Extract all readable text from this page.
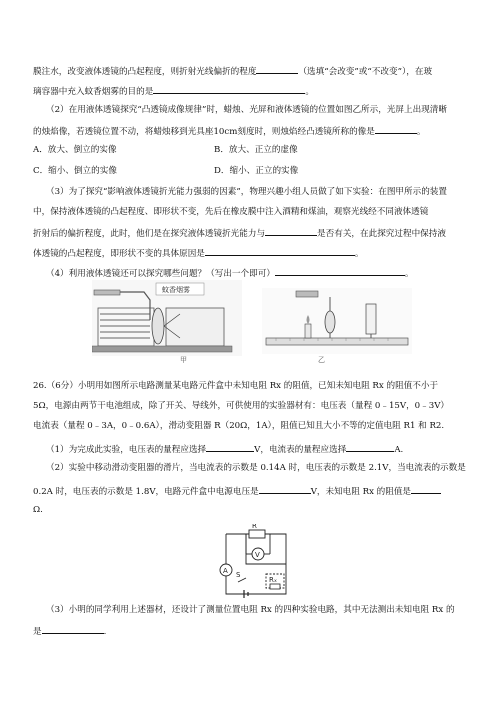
膜注水，改变液体透镜的凸起程度，则折射光线偏折的程度	（选填“会改变”或“不改变”），在玻
璃容器中充入蚊香烟雾的目的是	。
（2）在用液体透镜探究“凸透镜成像规律”时，蜡烛、光屏和液体透镜的位置如图乙所示，光屏上出现清晰
的烛焰像，若透镜位置不动，将蜡烛移到光具座10cm刻度时，则烛焰经凸透镜所称的像是	。
A．放大、倒立的实像	B．放大、正立的虚像
C．缩小、倒立的实像	D．缩小、正立的实像
（3）为了探究“影响液体透镜折光能力强弱的因素”，物理兴趣小组人员做了如下实验：在图甲所示的装置
中，保持液体透镜的凸起程度、即形状不变，先后在橡皮膜中注入酒精和煤油，观察光线经不同液体透镜
折射后的偏折程度，此时，他们是在探究液体透镜折光能力与	是否有关，在此探究过程中保持液
体透镜的凸起程度，即形状不变的具体原因是	。
（4）利用液体透镜还可以探究哪些问题？（写出一个即可）	。
蚊香烟雾
甲	乙
26.（6分）小明用如图所示电路测量某电路元件盒中未知电阻 Rx 的阻值，已知未知电阻 Rx 的阻值不小于
5Ω，电源由两节干电池组成，除了开关、导线外，可供使用的实验器材有：电压表（量程 0﹣15V，0﹣3V）
电流表（量程 0﹣3A，0﹣0.6A），滑动变阻器 R（20Ω，1A），阻值已知且大小不等的定值电阻 R1 和 R2.
（1）为完成此实验，电压表的量程应选择	V，电流表的量程应选择	A.
（2）实验中移动滑动变阻器的滑片，当电流表的示数是 0.14A 时，电压表的示数是 2.1V，当电流表的示数是
0.2A 时，电压表的示数是 1.8V，电路元件盒中电源电压是	V，未知电阻 Rx 的阻值是
Ω.
R
V
A S
Rₓ
（3）小明的同学利用上述器材，还设计了测量位置电阻 Rx 的四种实验电路，其中无法测出未知电阻 Rx 的
是	.
